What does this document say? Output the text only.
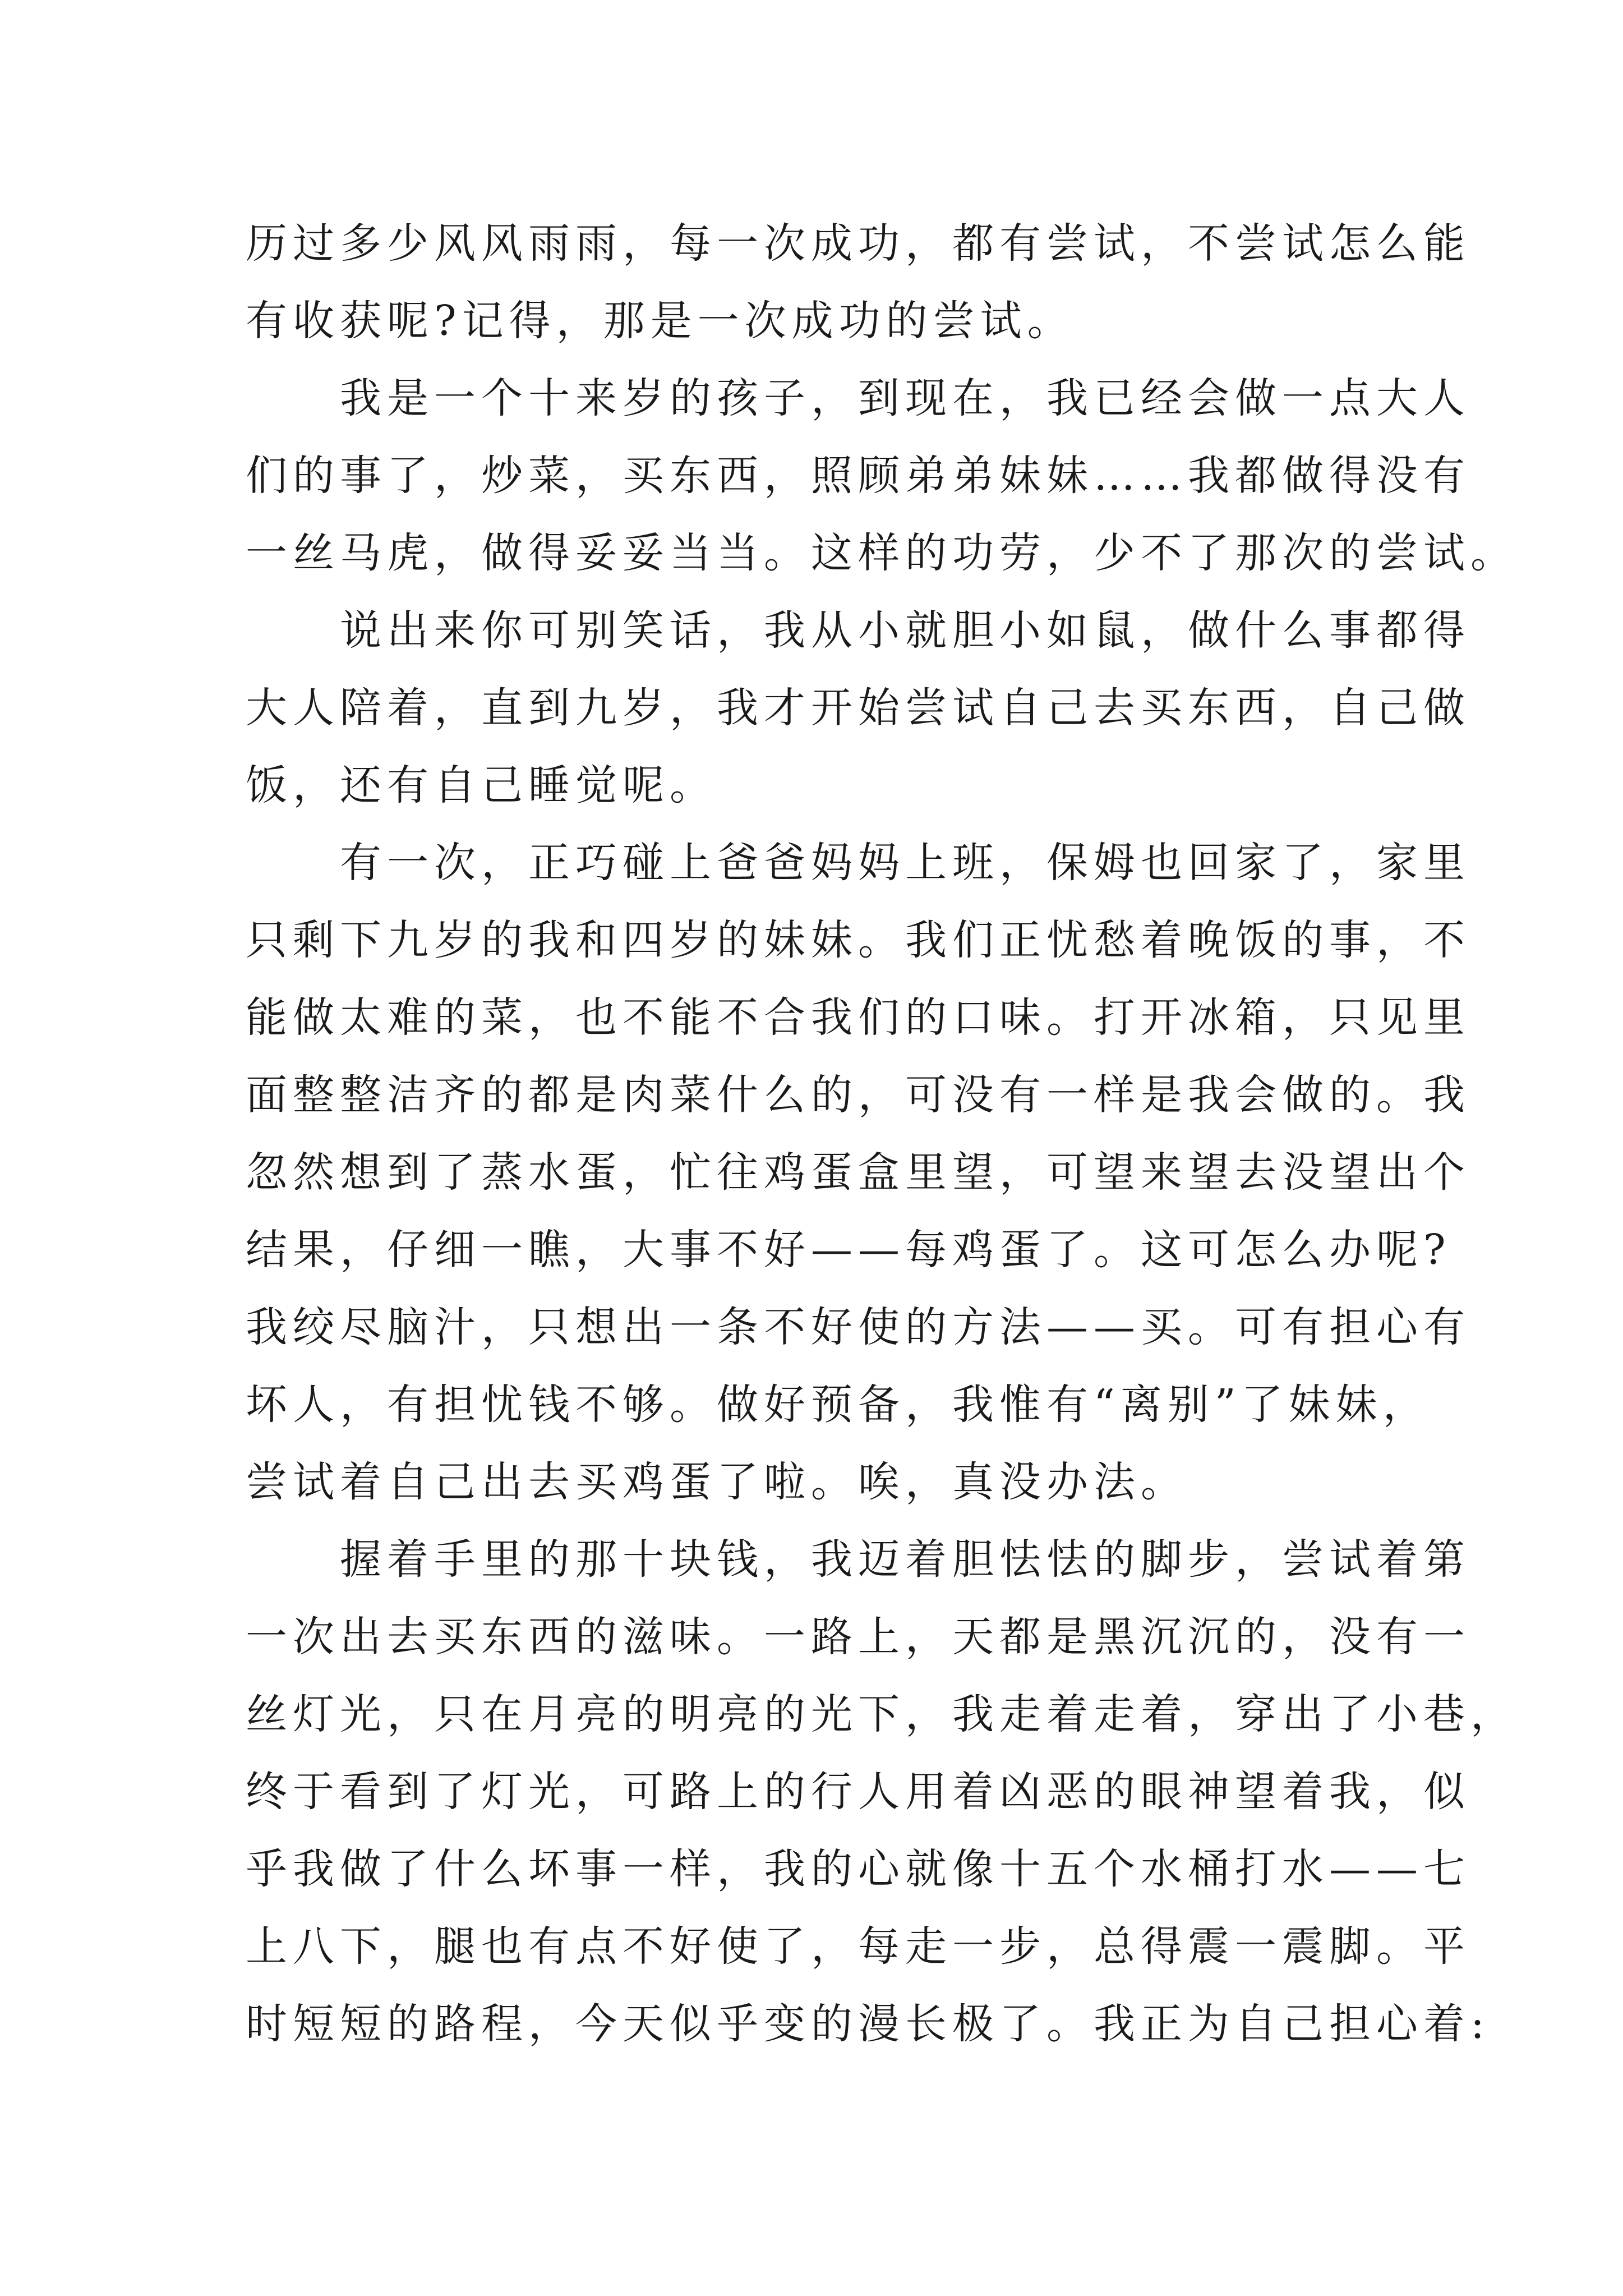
历过多少风风雨雨，每一次成功，都有尝试，不尝试怎么能
有收获呢?记得，那是一次成功的尝试。
　　我是一个十来岁的孩子，到现在，我已经会做一点大人
们的事了，炒菜，买东西，照顾弟弟妹妹……我都做得没有
一丝马虎，做得妥妥当当。这样的功劳，少不了那次的尝试。
　　说出来你可别笑话，我从小就胆小如鼠，做什么事都得
大人陪着，直到九岁，我才开始尝试自己去买东西，自己做
饭，还有自己睡觉呢。
　　有一次，正巧碰上爸爸妈妈上班，保姆也回家了，家里
只剩下九岁的我和四岁的妹妹。我们正忧愁着晚饭的事，不
能做太难的菜，也不能不合我们的口味。打开冰箱，只见里
面整整洁齐的都是肉菜什么的，可没有一样是我会做的。我
忽然想到了蒸水蛋，忙往鸡蛋盒里望，可望来望去没望出个
结果，仔细一瞧，大事不好——每鸡蛋了。这可怎么办呢?
我绞尽脑汁，只想出一条不好使的方法——买。可有担心有
坏人，有担忧钱不够。做好预备，我惟有“离别”了妹妹，
尝试着自己出去买鸡蛋了啦。唉，真没办法。
　　握着手里的那十块钱，我迈着胆怯怯的脚步，尝试着第
一次出去买东西的滋味。一路上，天都是黑沉沉的，没有一
丝灯光，只在月亮的明亮的光下，我走着走着，穿出了小巷，
终于看到了灯光，可路上的行人用着凶恶的眼神望着我，似
乎我做了什么坏事一样，我的心就像十五个水桶打水——七
上八下，腿也有点不好使了，每走一步，总得震一震脚。平
时短短的路程，今天似乎变的漫长极了。我正为自己担心着:
